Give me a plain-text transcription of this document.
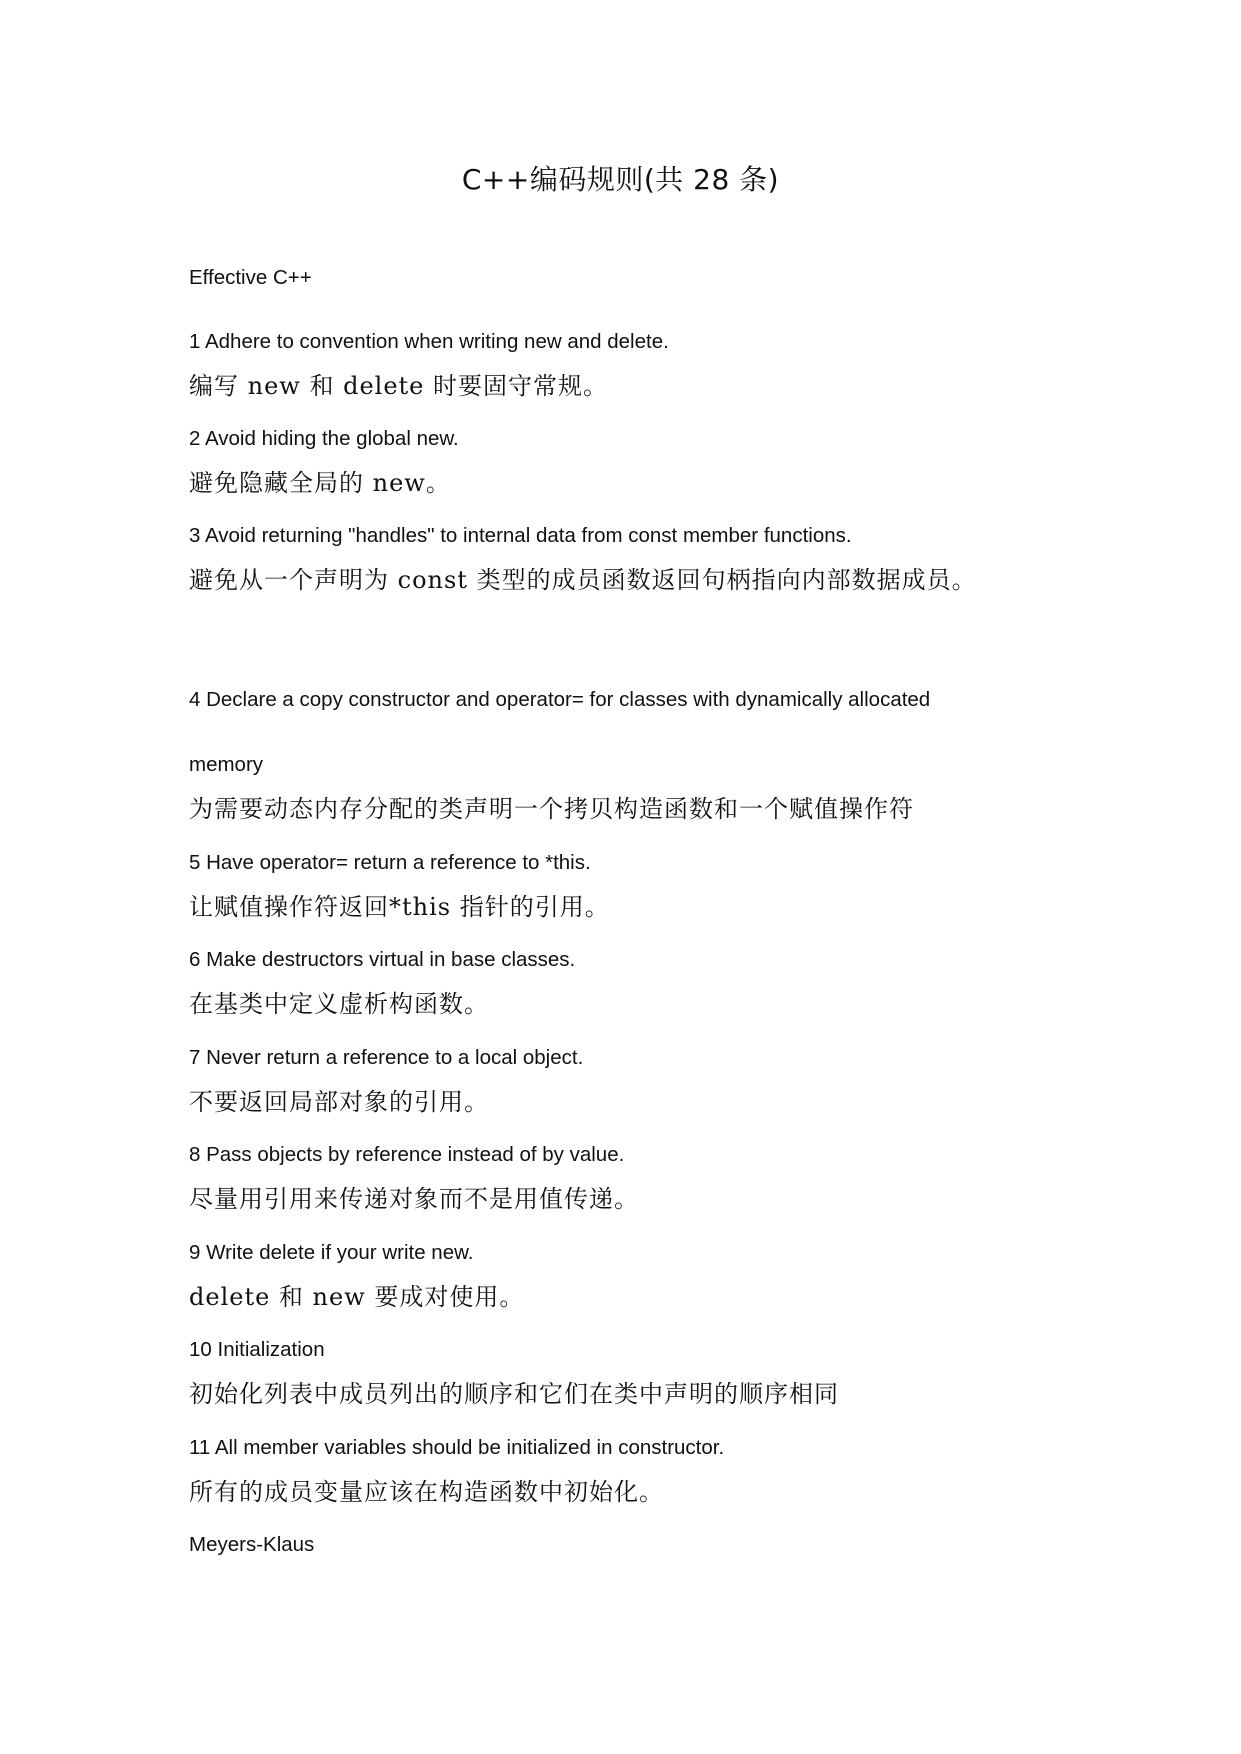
C++编码规则(共 28 条)
Effective C++
1 Adhere to convention when writing new and delete.
编写 new 和 delete 时要固守常规。
2 Avoid hiding the global new.
避免隐藏全局的 new。
3 Avoid returning "handles" to internal data from const member functions.
避免从一个声明为 const 类型的成员函数返回句柄指向内部数据成员。
4 Declare a copy constructor and operator= for classes with dynamically allocated
memory
为需要动态内存分配的类声明一个拷贝构造函数和一个赋值操作符
5 Have operator= return a reference to *this.
让赋值操作符返回*this 指针的引用。
6 Make destructors virtual in base classes.
在基类中定义虚析构函数。
7 Never return a reference to a local object.
不要返回局部对象的引用。
8 Pass objects by reference instead of by value.
尽量用引用来传递对象而不是用值传递。
9 Write delete if your write new.
delete 和 new 要成对使用。
10 Initialization
初始化列表中成员列出的顺序和它们在类中声明的顺序相同
11 All member variables should be initialized in constructor.
所有的成员变量应该在构造函数中初始化。
Meyers-Klaus
